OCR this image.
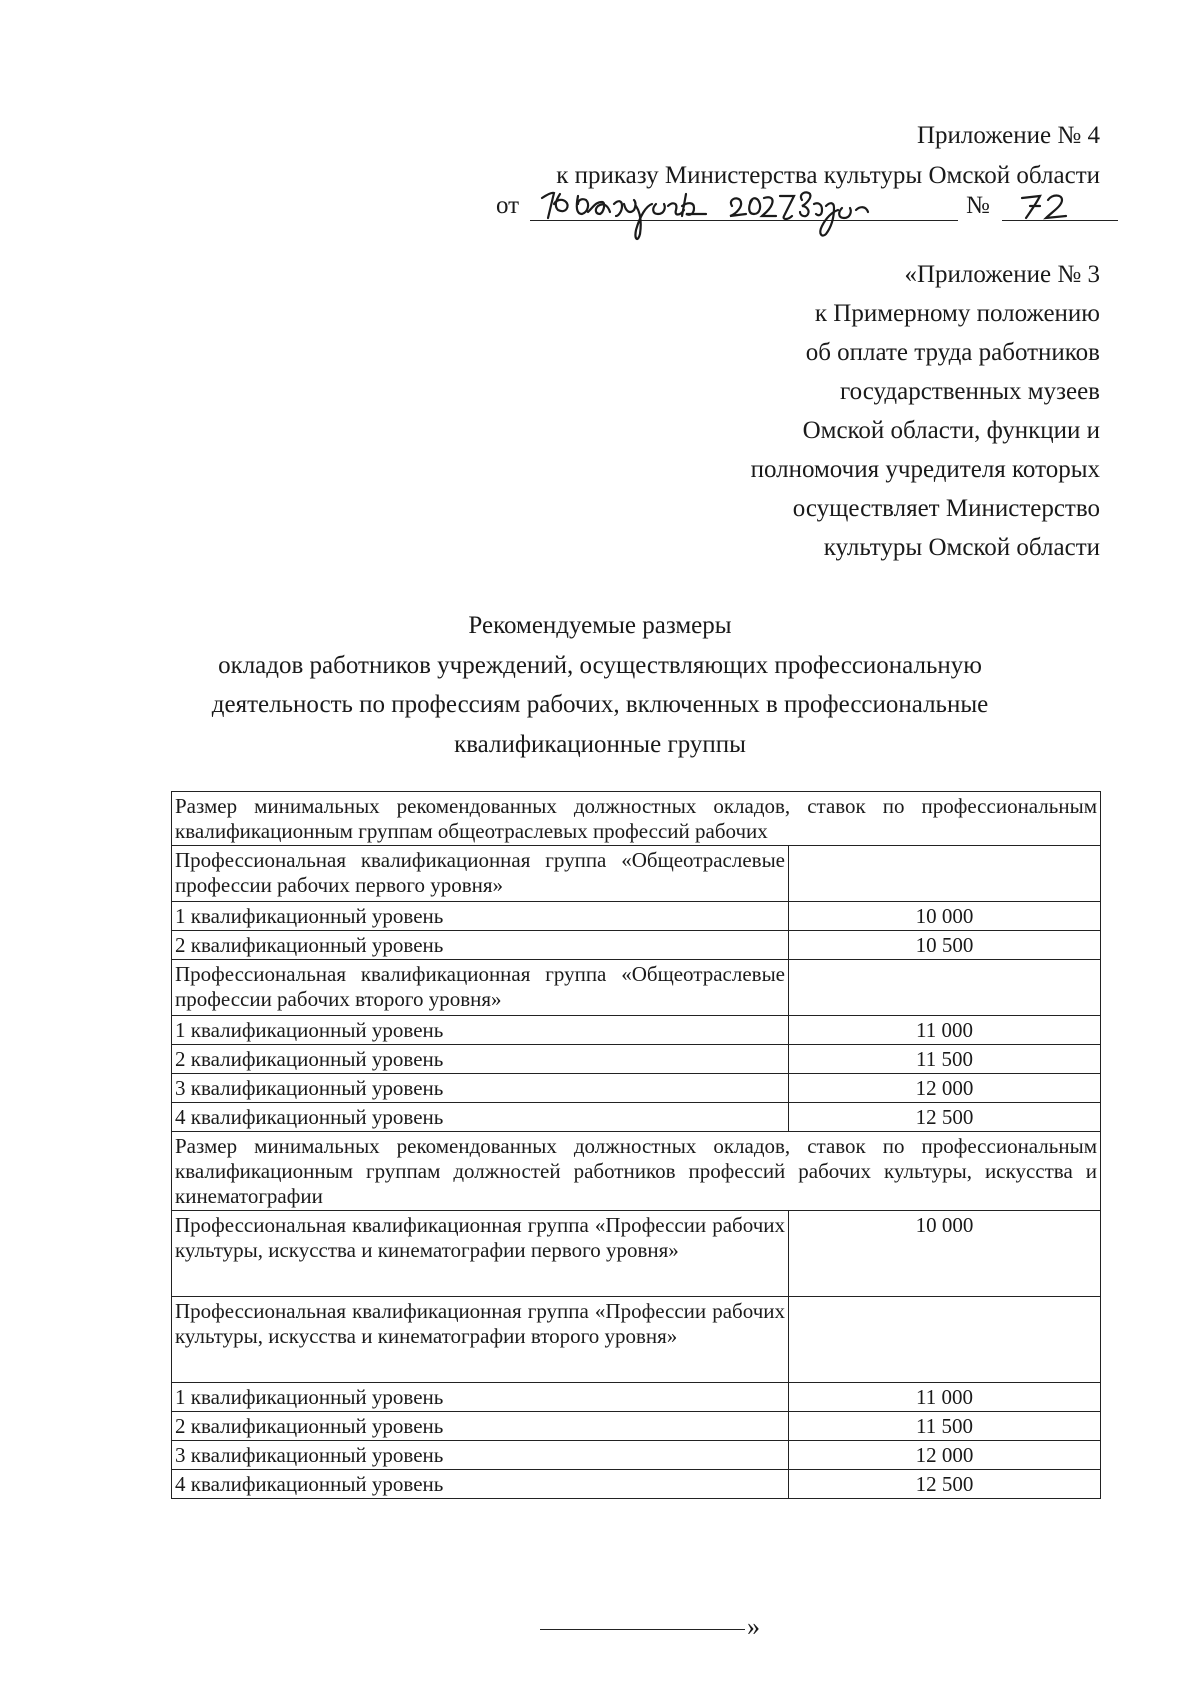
Приложение № 4
к приказу Министерства культуры Омской области
от	№
«Приложение № 3
к Примерному положению
об оплате труда работников
государственных музеев
Омской области, функции и
полномочия учредителя которых
осуществляет Министерство
культуры Омской области
Рекомендуемые размеры
окладов работников учреждений, осуществляющих профессиональную
деятельность по профессиям рабочих, включенных в профессиональные
квалификационные группы
Размер минимальных рекомендованных должностных окладов, ставок по профессиональным квалификационным группам общеотраслевых профессий рабочих	
Профессиональная квалификационная группа «Общеотраслевые профессии рабочих первого уровня»	
1 квалификационный уровень	10 000
2 квалификационный уровень	10 500
Профессиональная квалификационная группа «Общеотраслевые профессии рабочих второго уровня»	
1 квалификационный уровень	11 000
2 квалификационный уровень	11 500
3 квалификационный уровень	12 000
4 квалификационный уровень	12 500
Размер минимальных рекомендованных должностных окладов, ставок по профессиональным квалификационным группам должностей работников профессий рабочих культуры, искусства и кинематографии	
Профессиональная квалификационная группа «Профессии рабочих культуры, искусства и кинематографии первого уровня»	10 000
Профессиональная квалификационная группа «Профессии рабочих культуры, искусства и кинематографии второго уровня»	
1 квалификационный уровень	11 000
2 квалификационный уровень	11 500
3 квалификационный уровень	12 000
4 квалификационный уровень	12 500
»
